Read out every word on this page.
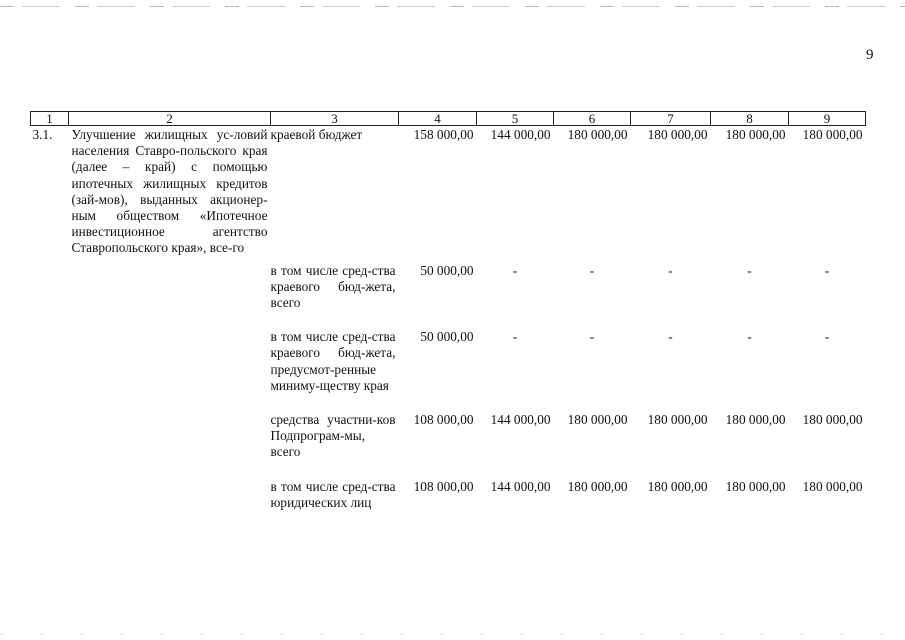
9
1	2	3	4	5	6	7	8	9
3.1.	Улучшение жилищных ус-ловий населения Ставро-польского края (далее – край) с помощью ипотечных жилищных кредитов (зай-мов), выданных акционер-ным обществом «Ипотечное инвестиционное агентство Ставропольского края», все-го	краевой бюджет	158 000,00	144 000,00	180 000,00	180 000,00	180 000,00	180 000,00
		в том числе сред-ства краевого бюд-жета, всего	50 000,00	-	-	-	-	-
		в том числе сред-ства краевого бюд-жета, предусмот-ренные миниму-ществу края	50 000,00	-	-	-	-	-
		средства участни-ков Подпрограм-мы, всего	108 000,00	144 000,00	180 000,00	180 000,00	180 000,00	180 000,00
		в том числе сред-ства юридических лиц	108 000,00	144 000,00	180 000,00	180 000,00	180 000,00	180 000,00
